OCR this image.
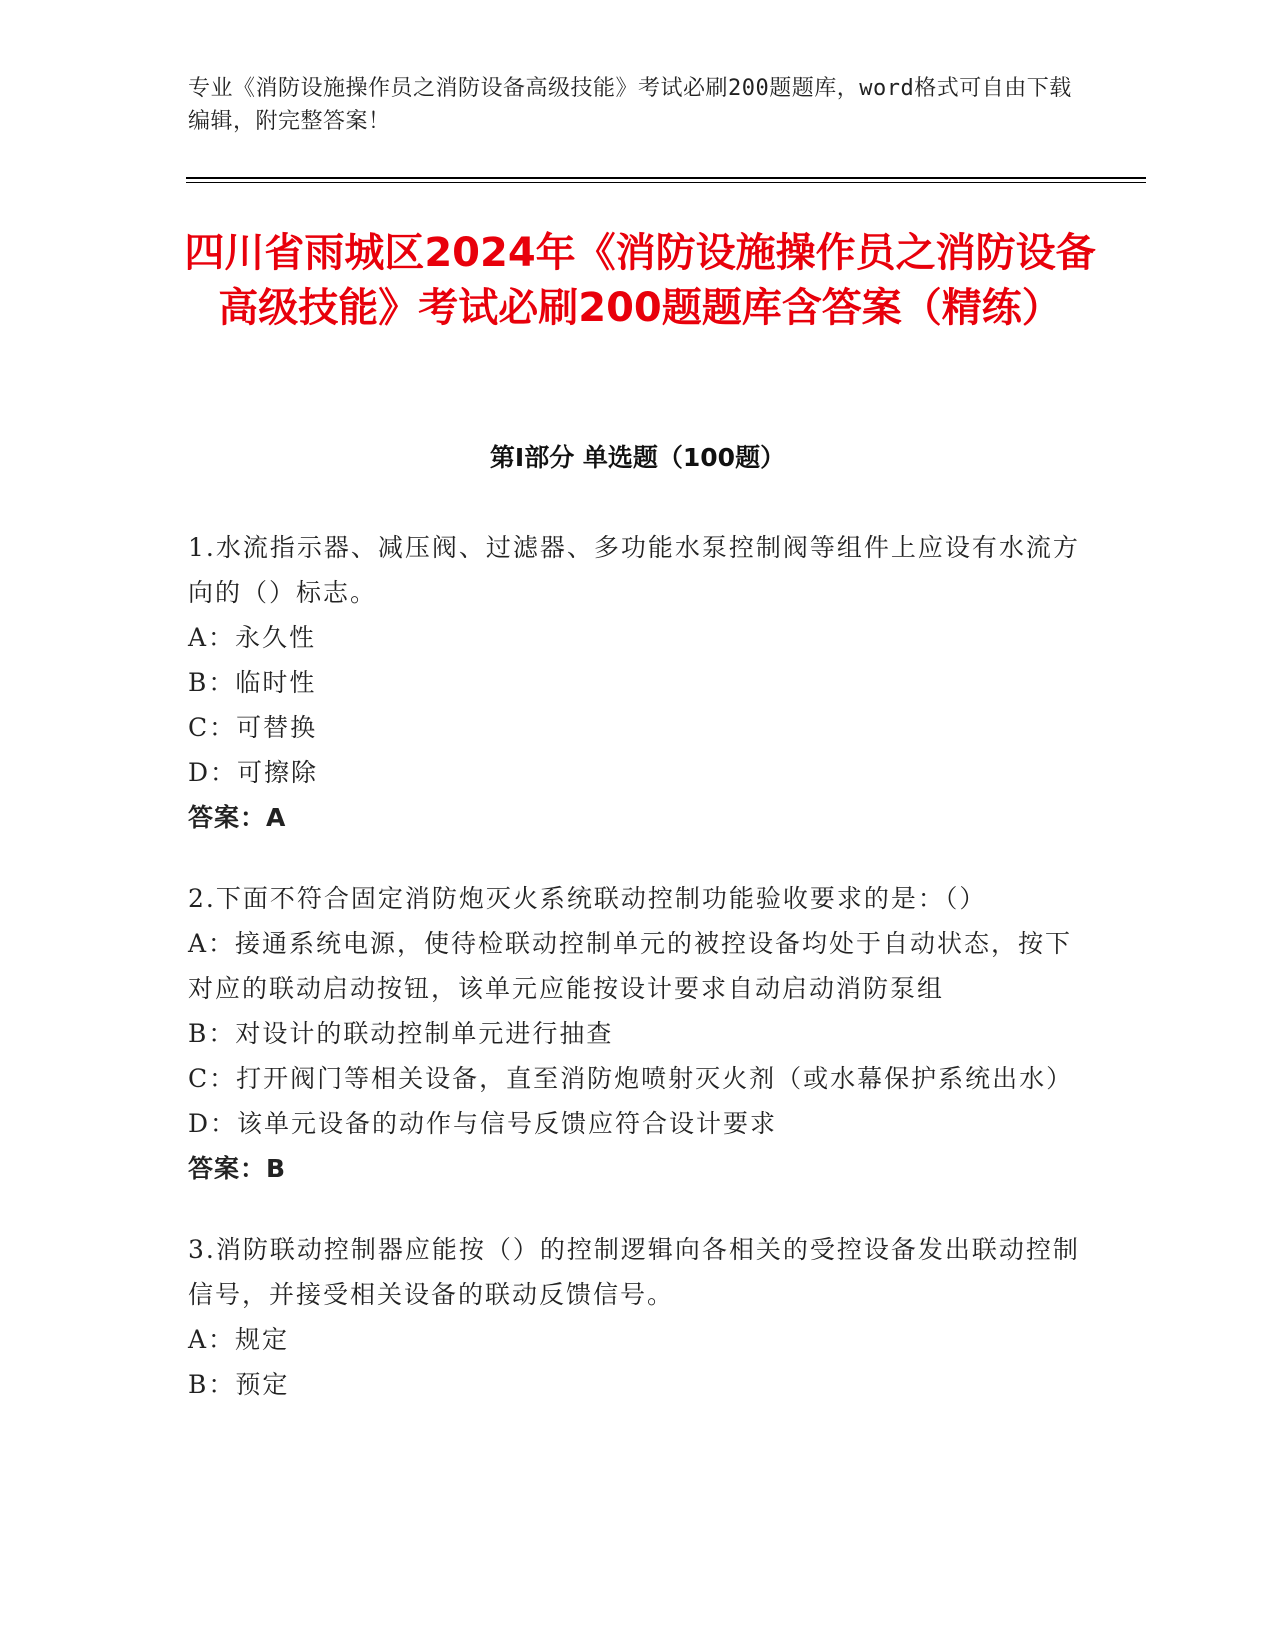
专业《消防设施操作员之消防设备高级技能》考试必刷200题题库，word格式可自由下载编辑，附完整答案！
四川省雨城区2024年《消防设施操作员之消防设备高级技能》考试必刷200题题库含答案（精练）
第Ⅰ部分 单选题（100题）

1.水流指示器、减压阀、过滤器、多功能水泵控制阀等组件上应设有水流方向的（）标志。

A：永久性

B：临时性

C：可替换

D：可擦除

答案：A

2.下面不符合固定消防炮灭火系统联动控制功能验收要求的是：（）

A：接通系统电源，使待检联动控制单元的被控设备均处于自动状态，按下对应的联动启动按钮，该单元应能按设计要求自动启动消防泵组

B：对设计的联动控制单元进行抽查

C：打开阀门等相关设备，直至消防炮喷射灭火剂（或水幕保护系统出水）

D：该单元设备的动作与信号反馈应符合设计要求

答案：B

3.消防联动控制器应能按（）的控制逻辑向各相关的受控设备发出联动控制信号，并接受相关设备的联动反馈信号。

A：规定

B：预定
